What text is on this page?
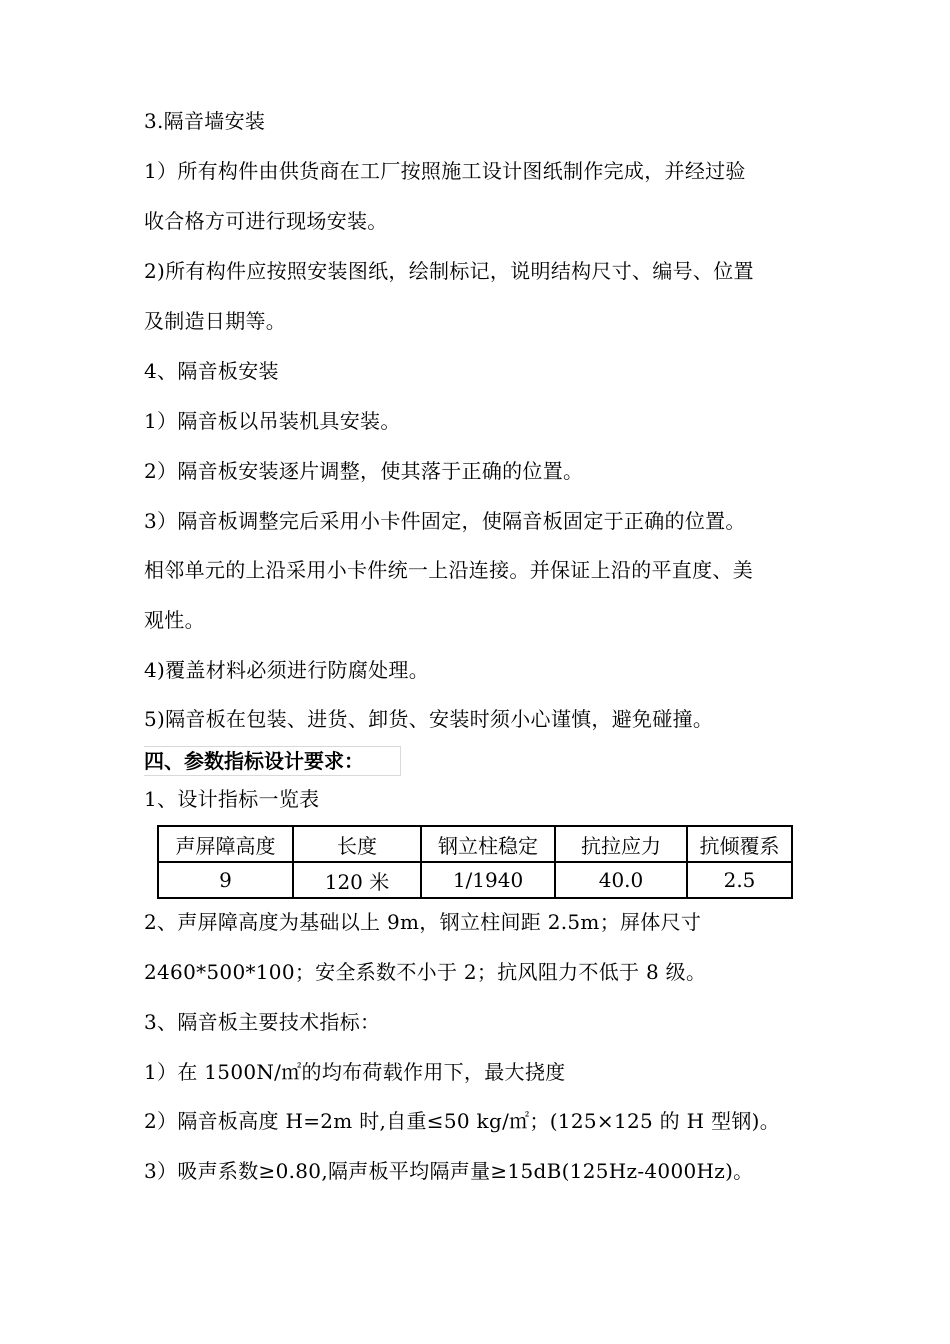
3.隔音墙安装
1）所有构件由供货商在工厂按照施工设计图纸制作完成，并经过验
收合格方可进行现场安装。
2)所有构件应按照安装图纸，绘制标记，说明结构尺寸、编号、位置
及制造日期等。
4、隔音板安装
1）隔音板以吊装机具安装。
2）隔音板安装逐片调整，使其落于正确的位置。
3）隔音板调整完后采用小卡件固定，使隔音板固定于正确的位置。
相邻单元的上沿采用小卡件统一上沿连接。并保证上沿的平直度、美
观性。
4)覆盖材料必须进行防腐处理。
5)隔音板在包装、进货、卸货、安装时须小心谨慎，避免碰撞。
四、参数指标设计要求：
1、设计指标一览表
声屏障高度	长度	钢立柱稳定	抗拉应力	抗倾覆系
9	120 米	1/1940	40.0	2.5
2、声屏障高度为基础以上 9m，钢立柱间距 2.5m；屏体尺寸
2460*500*100；安全系数不小于 2；抗风阻力不低于 8 级。
3、隔音板主要技术指标：
1）在 1500N/㎡的均布荷载作用下，最大挠度
2）隔音板高度 H=2m 时,自重≤50 kg/㎡；(125×125 的 H 型钢)。
3）吸声系数≥0.80,隔声板平均隔声量≥15dB(125Hz-4000Hz)。
